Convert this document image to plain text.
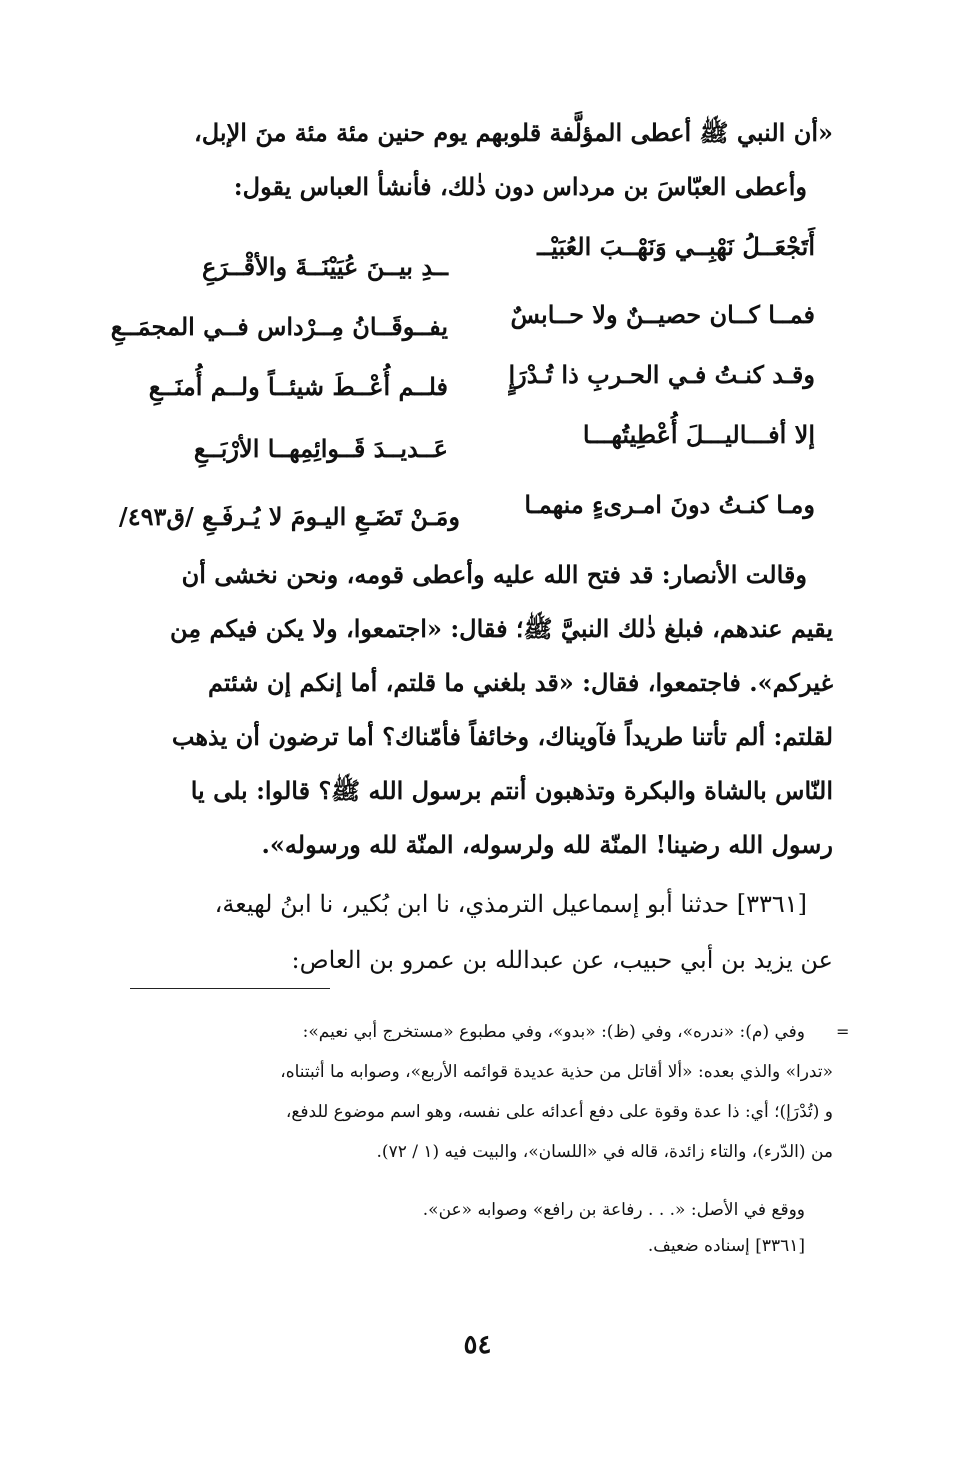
«أن النبي ﷺ أعطى المؤلَّفة قلوبهم يوم حنين مئة مئة منَ الإبل،
وأعطى العبّاسَ بن مرداس دون ذٰلك، فأنشأ العباس يقول:
أَتَجْعَــلُ نَهْبِــي وَنَهْــبَ العُبَيْــ
ــدِ بيــنَ عُيَيْنَــةَ والأقْــرَعِ
فمــا كــان حصيــنٌ ولا حــابسٌ
يفــوقَــانُ مِــرْداس فــي المجمَــعِ
وقـد كنـتُ فـي الحـربِ ذا تُـدْرَإٍ
فلــم أُعْــطَ شيئــاً ولــم أُمنَــعِ
إلا أفـــاليـــلَ أُعْطِيتُهـــا
عَــديــدَ قَــوائِمِهــا الأرْبَــعِ
ومـا كنـتُ دونَ امـرىءٍ منهمـا
ومَـنْ تَضَـعِ اليـومَ لا يُـرفَـعِ /ق٤٩٣/
وقالت الأنصار: قد فتح الله عليه وأعطى قومه، ونحن نخشى أن
يقيم عندهم، فبلغ ذٰلك النبيَّ ﷺ؛ فقال: «اجتمعوا، ولا يكن فيكم مِن
غيركم». فاجتمعوا، فقال: «قد بلغني ما قلتم، أما إنكم إن شئتم
لقلتم: ألم تأتنا طريداً فآويناك، وخائفاً فأمّناك؟ أما ترضون أن يذهب
النّاس بالشاة والبكرة وتذهبون أنتم برسول الله ﷺ؟ قالوا: بلى يا
رسول الله رضينا! المنّة لله ولرسوله، المنّة لله ورسوله».
[٣٣٦١] حدثنا أبو إسماعيل الترمذي، نا ابن بُكير، نا ابنُ لهيعة،
عن يزيد بن أبي حبيب، عن عبدالله بن عمرو بن العاص:
=
وفي (م): «ندره»، وفي (ظ): «بدو»، وفي مطبوع «مستخرج أبي نعيم»:
«تدرا» والذي بعده: «ألا أقاتل من حذية عديدة قوائمه الأربع»، وصوابه ما أثبتناه،
و (تُدْرَإ)؛ أي: ذا عدة وقوة على دفع أعدائه على نفسه، وهو اسم موضوع للدفع،
من (الدّرء)، والتاء زائدة، قاله في «اللسان»، والبيت فيه (١ / ٧٢).
ووقع في الأصل: «. . . رفاعة بن رافع» وصوابه «عن».
[٣٣٦١] إسناده ضعيف.
٥٤
